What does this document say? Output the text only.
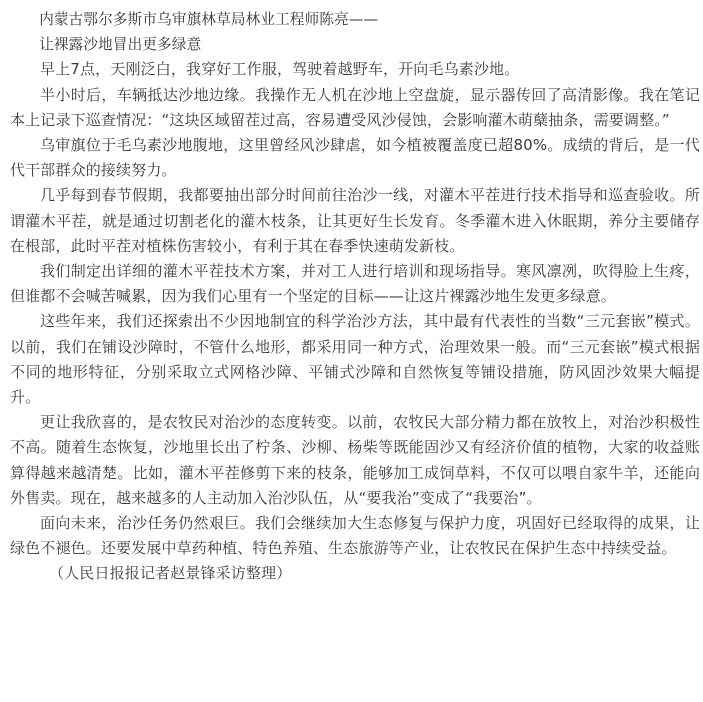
内蒙古鄂尔多斯市乌审旗林草局林业工程师陈亮——

让裸露沙地冒出更多绿意

早上7点，天刚泛白，我穿好工作服，驾驶着越野车，开向毛乌素沙地。

半小时后，车辆抵达沙地边缘。我操作无人机在沙地上空盘旋，显示器传回了高清影像。我在笔记本上记录下巡查情况：“这块区域留茬过高，容易遭受风沙侵蚀，会影响灌木萌蘖抽条，需要调整。”

乌审旗位于毛乌素沙地腹地，这里曾经风沙肆虐，如今植被覆盖度已超80%。成绩的背后，是一代代干部群众的接续努力。

几乎每到春节假期，我都要抽出部分时间前往治沙一线，对灌木平茬进行技术指导和巡查验收。所谓灌木平茬，就是通过切割老化的灌木枝条，让其更好生长发育。冬季灌木进入休眠期，养分主要储存在根部，此时平茬对植株伤害较小，有利于其在春季快速萌发新枝。

我们制定出详细的灌木平茬技术方案，并对工人进行培训和现场指导。寒风凛冽，吹得脸上生疼，但谁都不会喊苦喊累，因为我们心里有一个坚定的目标——让这片裸露沙地生发更多绿意。

这些年来，我们还探索出不少因地制宜的科学治沙方法，其中最有代表性的当数“三元套嵌”模式。以前，我们在铺设沙障时，不管什么地形，都采用同一种方式，治理效果一般。而“三元套嵌”模式根据不同的地形特征，分别采取立式网格沙障、平铺式沙障和自然恢复等铺设措施，防风固沙效果大幅提升。

更让我欣喜的，是农牧民对治沙的态度转变。以前，农牧民大部分精力都在放牧上，对治沙积极性不高。随着生态恢复，沙地里长出了柠条、沙柳、杨柴等既能固沙又有经济价值的植物，大家的收益账算得越来越清楚。比如，灌木平茬修剪下来的枝条，能够加工成饲草料，不仅可以喂自家牛羊，还能向外售卖。现在，越来越多的人主动加入治沙队伍，从“要我治”变成了“我要治”。

面向未来，治沙任务仍然艰巨。我们会继续加大生态修复与保护力度，巩固好已经取得的成果，让绿色不褪色。还要发展中草药种植、特色养殖、生态旅游等产业，让农牧民在保护生态中持续受益。

（人民日报报记者赵景锋采访整理）
